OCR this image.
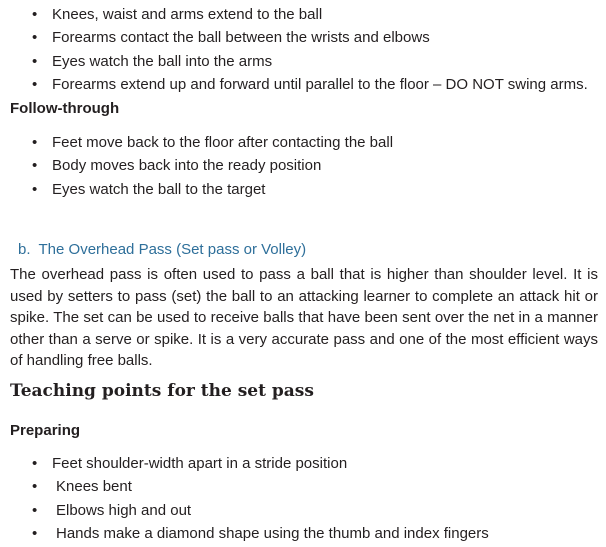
• Knees, waist and arms extend to the ball
• Forearms contact the ball between the wrists and elbows
• Eyes watch the ball into the arms
• Forearms extend up and forward until parallel to the floor – DO NOT swing arms.
Follow-through
• Feet move back to the floor after contacting the ball
• Body moves back into the ready position
• Eyes watch the ball to the target
b. The Overhead Pass (Set pass or Volley)
The overhead pass is often used to pass a ball that is higher than shoulder level. It is used by setters to pass (set) the ball to an attacking learner to complete an attack hit or spike. The set can be used to receive balls that have been sent over the net in a manner other than a serve or spike. It is a very accurate pass and one of the most efficient ways of handling free balls.
Teaching points for the set pass
Preparing
• Feet shoulder-width apart in a stride position
• Knees bent
• Elbows high and out
• Hands make a diamond shape using the thumb and index fingers
